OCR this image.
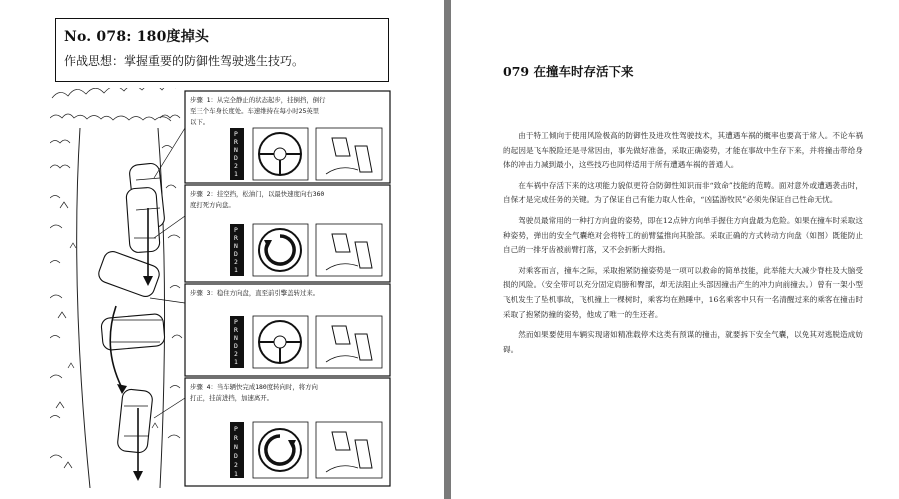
No. 078: 180度掉头
作战思想：掌握重要的防御性驾驶逃生技巧。
步骤 1：从完全静止的状态起步，挂倒挡，倒行
至三个车身长度处。车速维持在每小时25英里
以下。
P
R
N
D
2
1
步骤 2：挂空挡，松油门，以最快速度向右360
度打死方向盘。
P
R
N
D
2
1
步骤 3：稳住方向盘，直至前引擎盖转过来。
P
R
N
D
2
1
步骤 4：当车辆快完成180度转向时，将方向
打正，挂前进挡，加速离开。
P
R
N
D
2
1
079 在撞车时存活下来

由于特工倾向于使用风险极高的防御性及进攻性驾驶技术，其遭遇车祸的概率也要高于常人。不论车祸的起因是飞车脱险还是寻常因由，事先做好准备，采取正确姿势，才能在事故中生存下来，并将撞击带给身体的冲击力减到最小，这些技巧也同样适用于所有遭遇车祸的普通人。

在车祸中存活下来的这项能力貌似更符合防御性知识而非“致命”技能的范畴。面对意外或遭遇袭击时，自保才是完成任务的关键。为了保证自己有能力取人性命，“凶猛游牧民”必须先保证自己性命无忧。

驾驶员最常用的一种打方向盘的姿势，即在12点钟方向单手握住方向盘最为危险。如果在撞车时采取这种姿势，弹出的安全气囊绝对会将特工的前臂猛推向其脸部。采取正确的方式转动方向盘（如图）既能防止自己的一排牙齿被前臂打落，又不会折断大拇指。

对乘客而言，撞车之际，采取抱紧防撞姿势是一项可以救命的简单技能，此举能大大减少脊柱及大脑受损的风险。（安全带可以充分固定肩膀和臀部，却无法阻止头部因撞击产生的冲力向前撞去。）曾有一架小型飞机发生了坠机事故，飞机撞上一棵树时，乘客均在熟睡中，16名乘客中只有一名清醒过来的乘客在撞击时采取了抱紧防撞的姿势，他成了唯一的生还者。

然而如果要使用车辆实现诸如精准载停术这类有预谋的撞击，就要拆下安全气囊，以免其对逃脱造成妨碍。
